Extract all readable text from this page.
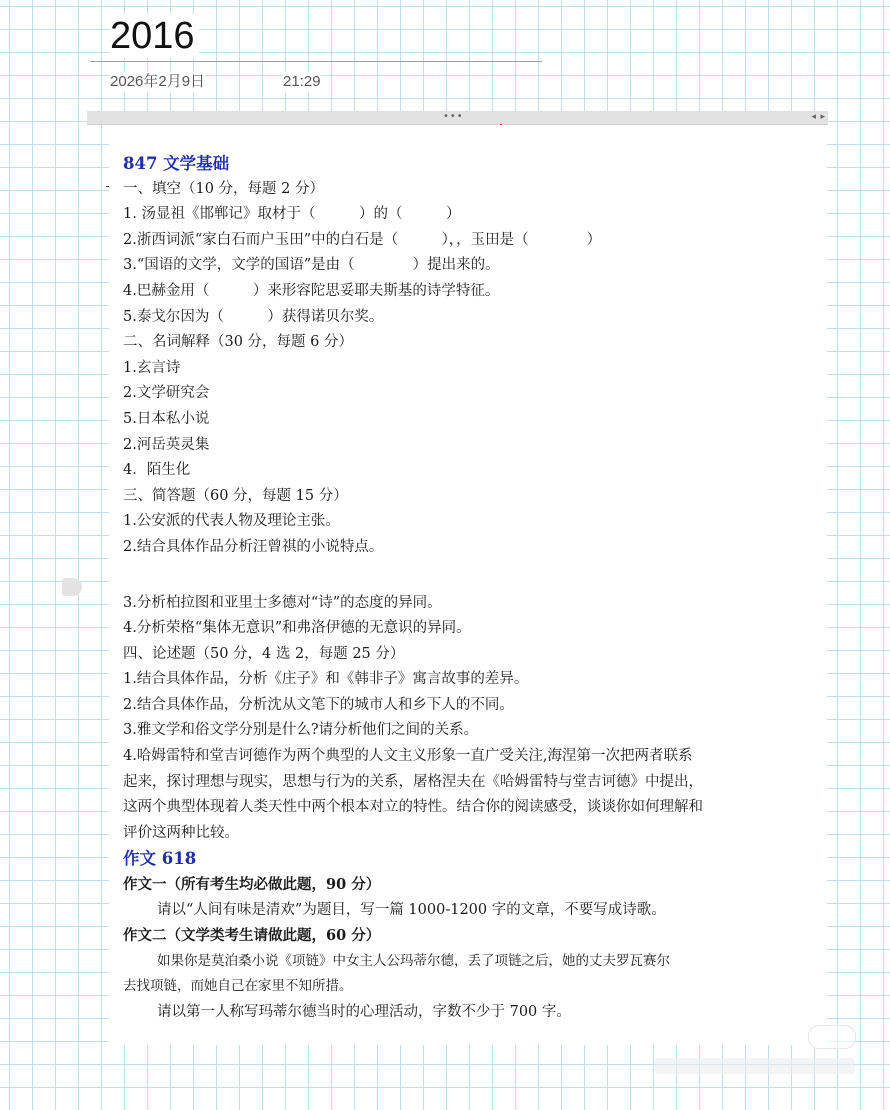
2016
2026年2月9日	21:29
•••	◂ ▸
847 文学基础
一、填空（10 分，每题 2 分）
1. 汤显祖《邯郸记》取材于（　　　）的（　　　）
2.浙西词派“家白石而户玉田”中的白石是（　　　），，玉田是（　　　　）
3.“国语的文学，文学的国语”是由（　　　　）提出来的。
4.巴赫金用（　　　）来形容陀思妥耶夫斯基的诗学特征。
5.泰戈尔因为（　　　）获得诺贝尔奖。
二、名词解释（30 分，每题 6 分）
1.玄言诗
2.文学研究会
5.日本私小说
2.河岳英灵集
4．陌生化
三、简答题（60 分，每题 15 分）
1.公安派的代表人物及理论主张。
2.结合具体作品分析汪曾祺的小说特点。
3.分析柏拉图和亚里士多德对“诗”的态度的异同。
4.分析荣格“集体无意识”和弗洛伊德的无意识的异同。
四、论述题（50 分，4 选 2，每题 25 分）
1.结合具体作品，分析《庄子》和《韩非子》寓言故事的差异。
2.结合具体作品，分析沈从文笔下的城市人和乡下人的不同。
3.雅文学和俗文学分别是什么?请分析他们之间的关系。
4.哈姆雷特和堂吉诃德作为两个典型的人文主义形象一直广受关注,海涅第一次把两者联系
起来，探讨理想与现实，思想与行为的关系，屠格涅夫在《哈姆雷特与堂吉诃德》中提出，
这两个典型体现着人类天性中两个根本对立的特性。结合你的阅读感受，谈谈你如何理解和
评价这两种比较。
作文 618
作文一（所有考生均必做此题，90 分）
请以“人间有味是清欢”为题目，写一篇 1000-1200 字的文章，不要写成诗歌。
作文二（文学类考生请做此题，60 分）
如果你是莫泊桑小说《项链》中女主人公玛蒂尔德，丢了项链之后，她的丈夫罗瓦赛尔
去找项链，而她自己在家里不知所措。
请以第一人称写玛蒂尔德当时的心理活动，字数不少于 700 字。
